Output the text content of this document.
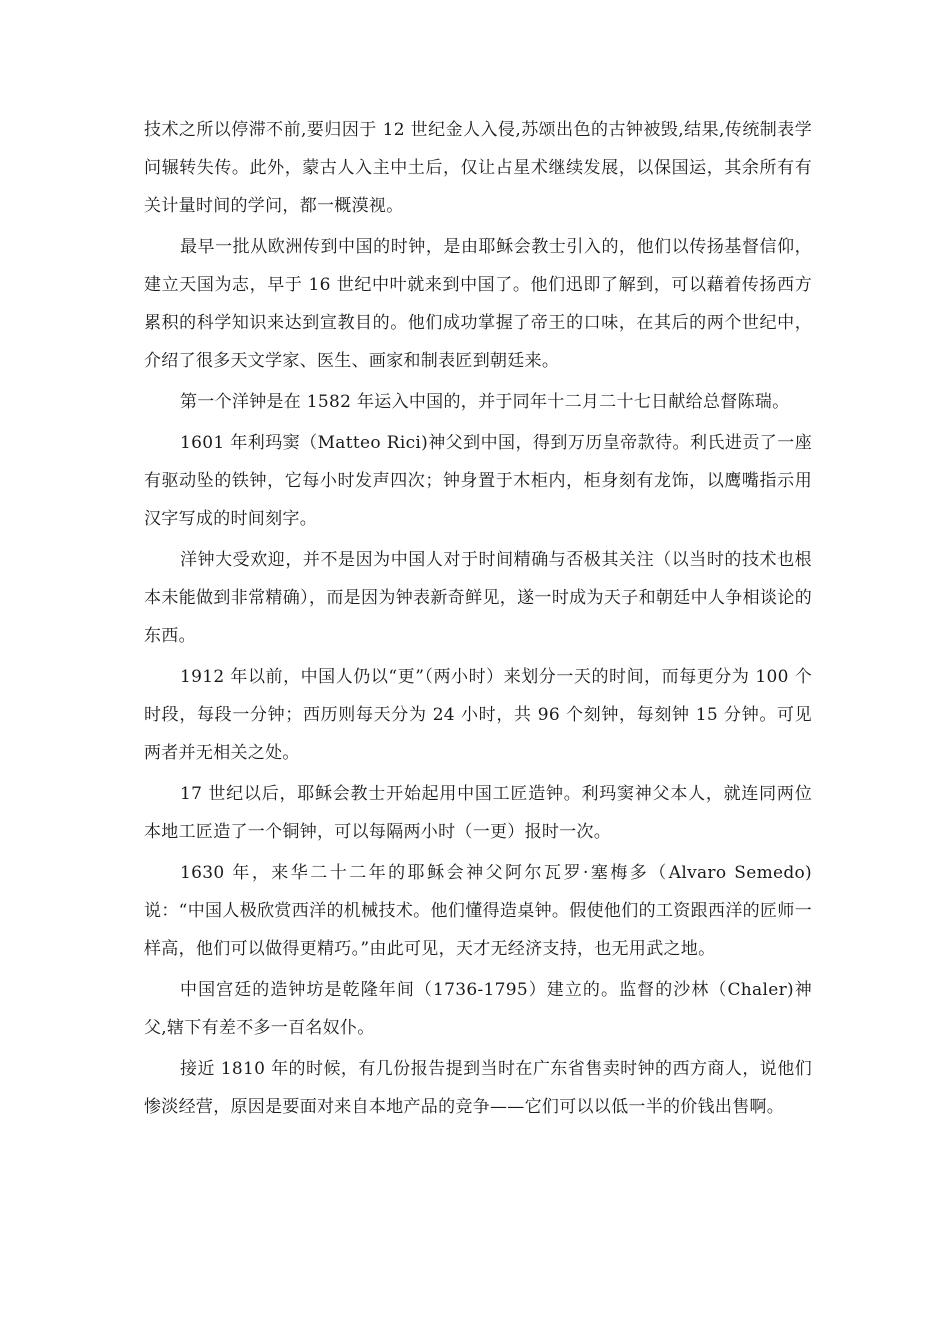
技术之所以停滞不前,要归因于 12 世纪金人入侵,苏颂出色的古钟被毁,结果,传统制表学问辗转失传。此外，蒙古人入主中土后，仅让占星术继续发展，以保国运，其余所有有关计量时间的学问，都一概漠视。

最早一批从欧洲传到中国的时钟，是由耶稣会教士引入的，他们以传扬基督信仰，建立天国为志，早于 16 世纪中叶就来到中国了。他们迅即了解到，可以藉着传扬西方累积的科学知识来达到宣教目的。他们成功掌握了帝王的口味，在其后的两个世纪中，介绍了很多天文学家、医生、画家和制表匠到朝廷来。

第一个洋钟是在 1582 年运入中国的，并于同年十二月二十七日献给总督陈瑞。

1601 年利玛窦（Matteo Rici)神父到中国，得到万历皇帝款待。利氏进贡了一座有驱动坠的铁钟，它每小时发声四次；钟身置于木柜内，柜身刻有龙饰，以鹰嘴指示用汉字写成的时间刻字。

洋钟大受欢迎，并不是因为中国人对于时间精确与否极其关注（以当时的技术也根本未能做到非常精确），而是因为钟表新奇鲜见，遂一时成为天子和朝廷中人争相谈论的东西。

1912 年以前，中国人仍以“更”（两小时）来划分一天的时间，而每更分为 100 个时段，每段一分钟；西历则每天分为 24 小时，共 96 个刻钟，每刻钟 15 分钟。可见两者并无相关之处。

17 世纪以后，耶稣会教士开始起用中国工匠造钟。利玛窦神父本人，就连同两位本地工匠造了一个铜钟，可以每隔两小时（一更）报时一次。

1630 年，来华二十二年的耶稣会神父阿尔瓦罗·塞梅多（Alvaro Semedo)说：“中国人极欣赏西洋的机械技术。他们懂得造桌钟。假使他们的工资跟西洋的匠师一样高，他们可以做得更精巧。”由此可见，天才无经济支持，也无用武之地。

中国宫廷的造钟坊是乾隆年间（1736-1795）建立的。监督的沙林（Chaler)神父,辖下有差不多一百名奴仆。

接近 1810 年的时候，有几份报告提到当时在广东省售卖时钟的西方商人，说他们惨淡经营，原因是要面对来自本地产品的竞争——它们可以以低一半的价钱出售啊。
